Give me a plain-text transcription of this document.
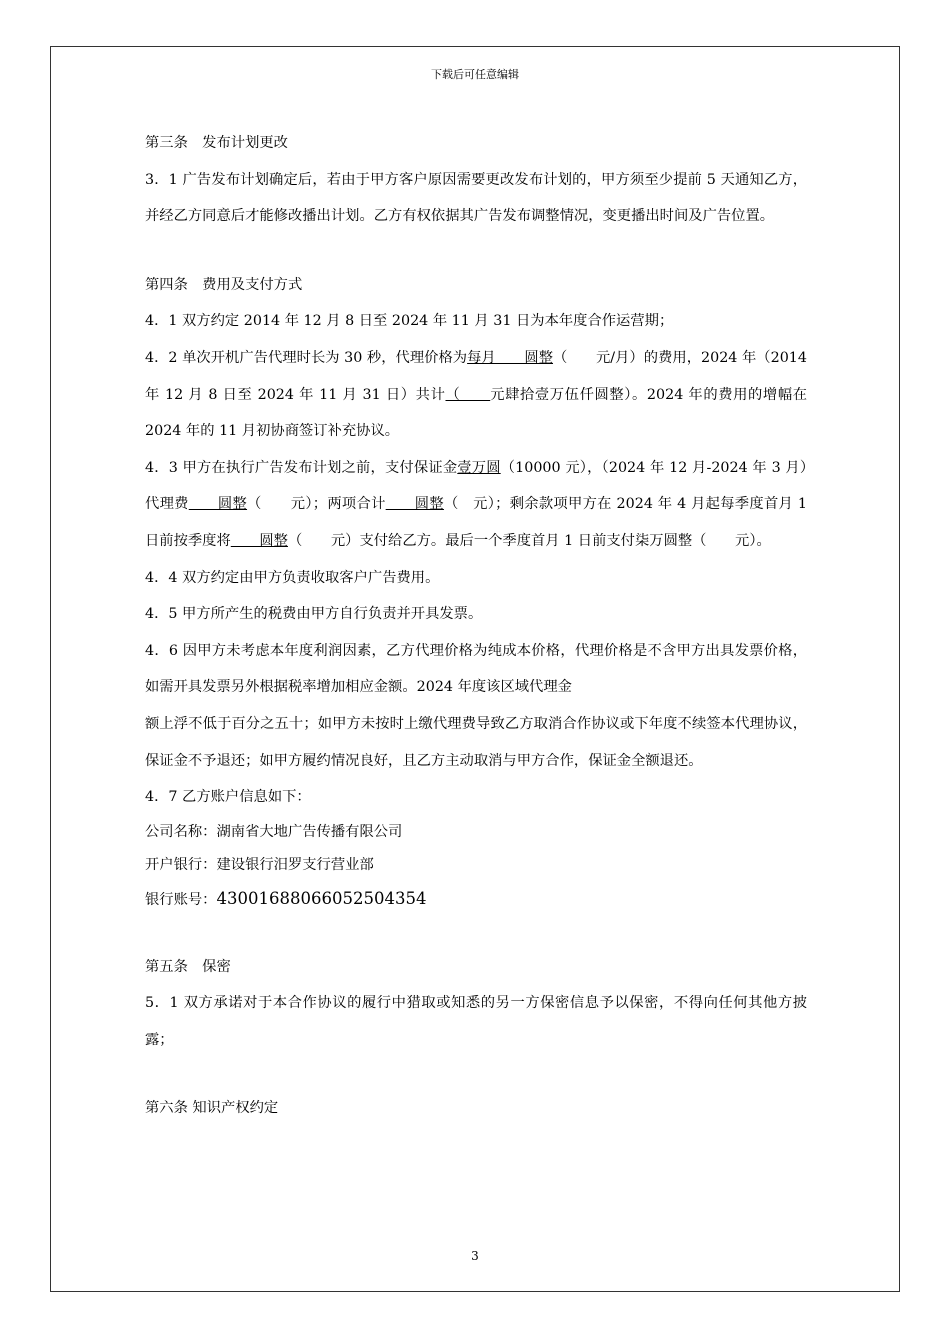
下载后可任意编辑

第三条　发布计划更改

3．1 广告发布计划确定后，若由于甲方客户原因需要更改发布计划的，甲方须至少提前 5 天通知乙方，并经乙方同意后才能修改播出计划。乙方有权依据其广告发布调整情况，变更播出时间及广告位置。

第四条　费用及支付方式

4．1 双方约定 2014 年 12 月 8 日至 2024 年 11 月 31 日为本年度合作运营期；

4．2 单次开机广告代理时长为 30 秒，代理价格为每月　　圆整（　　元/月）的费用，2024 年（2014 年 12 月 8 日至 2024 年 11 月 31 日）共计（　　元肆拾壹万伍仟圆整）。2024 年的费用的增幅在 2024 年的 11 月初协商签订补充协议。

4．3 甲方在执行广告发布计划之前，支付保证金壹万圆（10000 元），（2024 年 12 月-2024 年 3 月）代理费　　圆整（　　元）；两项合计　　圆整（　元）；剩余款项甲方在 2024 年 4 月起每季度首月 1 日前按季度将　　圆整（　　元）支付给乙方。最后一个季度首月 1 日前支付柒万圆整（　　元）。

4．4 双方约定由甲方负责收取客户广告费用。

4．5 甲方所产生的税费由甲方自行负责并开具发票。

4．6 因甲方未考虑本年度利润因素，乙方代理价格为纯成本价格，代理价格是不含甲方出具发票价格，如需开具发票另外根据税率增加相应金额。2024 年度该区域代理金

额上浮不低于百分之五十；如甲方未按时上缴代理费导致乙方取消合作协议或下年度不续签本代理协议，保证金不予退还；如甲方履约情况良好，且乙方主动取消与甲方合作，保证金全额退还。

4．7 乙方账户信息如下：

公司名称：湖南省大地广告传播有限公司

开户银行：建设银行汨罗支行营业部

银行账号：43001688066052504354

第五条　保密

5．1 双方承诺对于本合作协议的履行中猎取或知悉的另一方保密信息予以保密，不得向任何其他方披露；

第六条 知识产权约定

3
